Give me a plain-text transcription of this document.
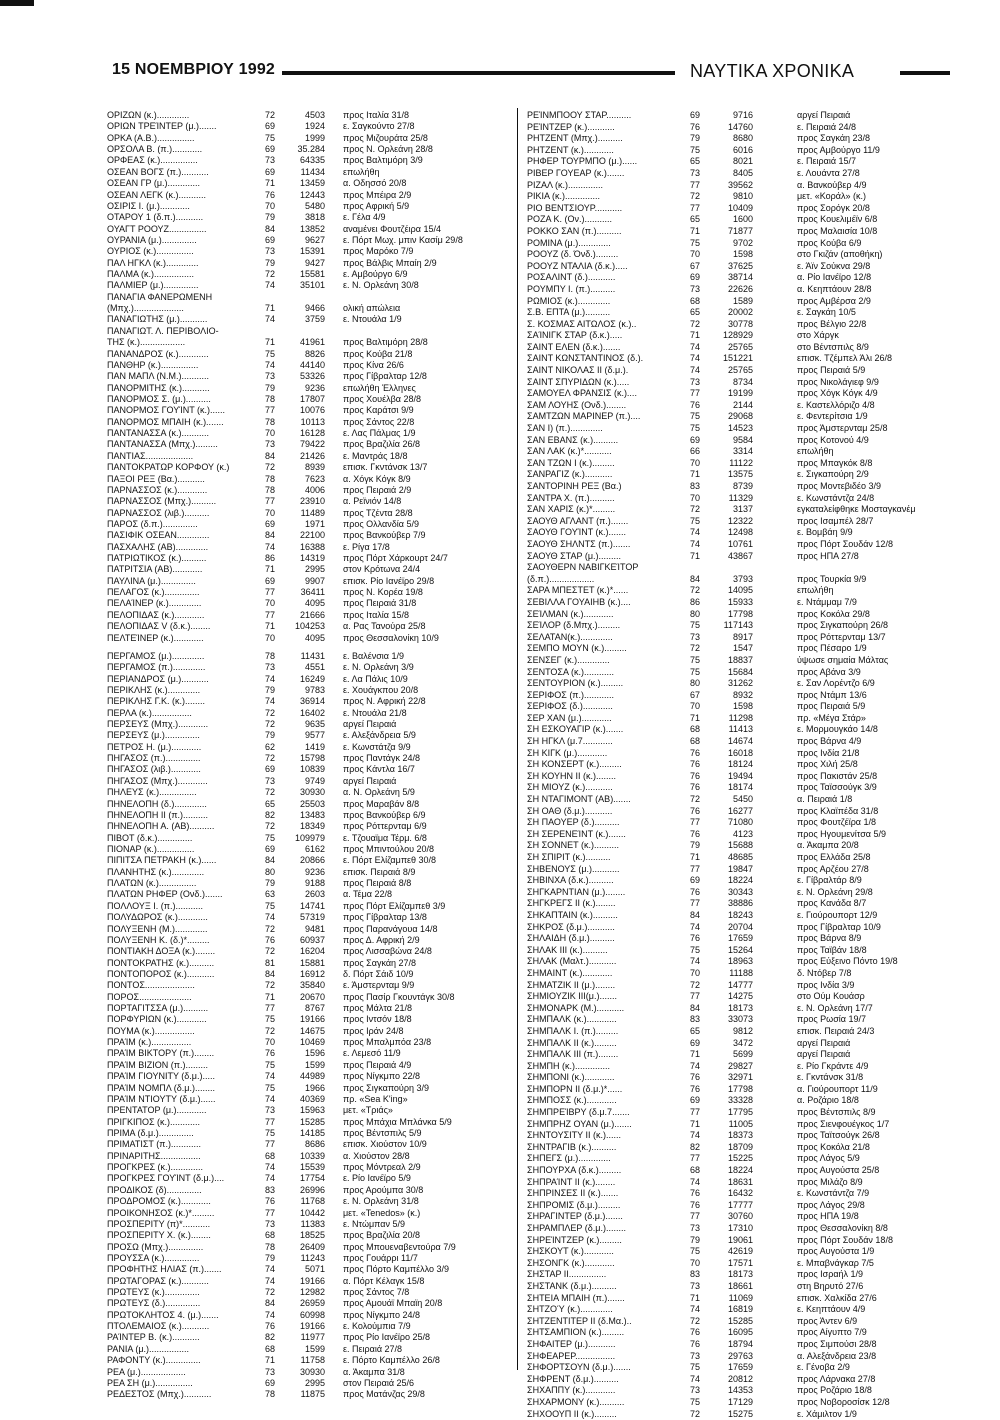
15 ΝΟΕΜΒΡΙΟΥ 1992	ΝΑΥΤΙΚΑ ΧΡΟΝΙΚΑ
ΟΡΙΖΩΝ (κ.).............	72	4503 προς Ιταλία 31/8
ΟΡΙΩΝ ΤΡΕΊΝΤΕΡ (μ.).......	69	1924 ε. Σαγκούντο 27/8
ΟΡΚΑ (Α.Β.)...............	75	1999 προς Μιζουράτα 25/8
ΟΡΣΟΛΑ Β. (π.)............	69	35.284 προς Ν. Ορλεάνη 28/8
ΟΡΦΕΑΣ (κ.)...............	73	64335 προς Βαλτιμόρη 3/9
ΟΣΕΑΝ ΒΟΓΣ (π.)...........	69	11434 επωλήθη
ΟΣΕΑΝ ΓΡ (μ.).............	71	13459 α. Οδησσό 20/8
ΟΣΕΑΝ ΛΕΓΚ (κ.)...........	76	12443 προς Μπέιρα 2/9
ΟΣΙΡΙΣ Ι. (μ.)............	70	5480 προς Αφρική 5/9
ΟΤΑΡΟΥ 1 (δ.π.)...........	79	3818 ε. Γέλα 4/9
ΟΥΑΓΤ ΡΟΟΥΖ...............	84	13852 αναμένει Φουτζέιρα 15/4
ΟΥΡΑΝΙΑ (μ.)..............	69	9627 ε. Πόρτ Μωχ. μπιν Κασίμ 29/8
ΟΥΡΙΟΣ (κ.)...............	73	15391 προς Μαρόκο 7/9
ΠΑΛ ΗΓΚΛ (κ.).............	79	9427 προς Βάλβις Μπαίη 2/9
ΠΑΛΜΑ (κ.)................	72	15581 ε. Αμβούργο 6/9
ΠΑΛΜΙΕΡ (μ.)..............	74	35101 ε. Ν. Ορλεάνη 30/8
ΠΑΝΑΓΙΑ ΦΑΝΕΡΩΜΕΝΗ
(Μπχ.)....................	71	9466 ολική απώλεια
ΠΑΝΑΓΙΩΤΗΣ (μ.)...........	74	3759 ε. Ντουάλα 1/9
ΠΑΝΑΓΙΩΤ. Λ. ΠΕΡΙΒΟΛΙΟ-
ΤΗΣ (κ.)..................	71	41961 προς Βαλτιμόρη 28/8
ΠΑΝΑΝΔΡΟΣ (κ.)............	75	8826 προς Κούβα 21/8
ΠΑΝΘΗΡ (κ.)...............	74	44140 προς Κίνα 26/6
ΠΑΝ ΜΑΠΛ (Ν.Μ.)...........	73	53326 προς Γίβραλταρ 12/8
ΠΑΝΟΡΜΙΤΗΣ (κ.)...........	79	9236 επωλήθη Έλληνες
ΠΑΝΟΡΜΟΣ Σ. (μ.)..........	78	17807 προς Χουέλβα 28/8
ΠΑΝΟΡΜΟΣ ΓΟΥΊΝΤ (κ.)......	77	10076 προς Καράτσι 9/9
ΠΑΝΟΡΜΟΣ ΜΠΑΙΗ (κ.).......	78	10113 προς Σάντος 22/8
ΠΑΝΤΑΝΑΣΣΑ (κ.)...........	70	16128 ε. Λας Πάλμας 1/9
ΠΑΝΤΑΝΑΣΣΑ (Μπχ.).........	73	79422 προς Βραζιλία 26/8
ΠΑΝΤΙΑΣ...................	84	21426 ε. Μαντράς 18/8
ΠΑΝΤΟΚΡΑΤΩΡ ΚΟΡΦΟΥ (κ.)	72	8939 επισκ. Γκντάνσκ 13/7
ΠΑΞΟΙ ΡΕΞ (Βα.)...........	78	7623 α. Χόγκ Κόγκ 8/9
ΠΑΡΝΑΣΣΟΣ (κ.)............	78	4006 προς Πειραιά 2/9
ΠΑΡΝΑΣΣΟΣ (Μπχ.)..........	77	23910 α. Ρεϊνιόν 14/8
ΠΑΡΝΑΣΣΟΣ (λιβ.)..........	70	11489 προς Τζέντα 28/8
ΠΑΡΟΣ (δ.π.)..............	69	1971 προς Ολλανδία 5/9
ΠΑΣΙΦΙΚ ΟΣΕΑΝ.............	84	22100 προς Βανκούβερ 7/9
ΠΑΣΧΑΛΗΣ (ΑΒ).............	74	16388 ε. Ρίγα 17/8
ΠΑΤΡΙΩΤΙΚΟΣ (κ.)..........	86	14319 προς Πόρτ Χάρκουρτ 24/7
ΠΑΤΡΙΤΣΙΑ (ΑΒ)............	71	2995 στον Κρότωνα 24/4
ΠΑΥΛΙΝΑ (μ.)..............	69	9907 επισκ. Ρίο Ιανέϊρο 29/8
ΠΕΛΑΓΟΣ (κ.)..............	77	36411 προς Ν. Κορέα 19/8
ΠΕΛΑΊΝΕΡ (κ.).............	70	4095 προς Πειραιά 31/8
ΠΕΛΟΠΙΔΑΣ (κ.)............	77	21666 προς Ιταλία 15/8
ΠΕΛΟΠΙΔΑΣ V (δ.κ.)........	71	104253 α. Ρας Τανούρα 25/8
ΠΕΛΤΕΊΝΕΡ (κ.)............	70	4095 προς Θεσσαλονίκη 10/9
ΠΕΡΓΑΜΟΣ (μ.).............	78	11431 ε. Βαλένσια 1/9
ΠΕΡΓΑΜΟΣ (π.).............	73	4551 ε. Ν. Ορλεάνη 3/9
ΠΕΡΙΑΝΔΡΟΣ (μ.)...........	74	16249 ε. Λα Πάλις 10/9
ΠΕΡΙΚΛΗΣ (κ.).............	79	9783 ε. Χουάγκπου 20/8
ΠΕΡΙΚΛΗΣ Γ.Κ. (κ.)........	74	36914 προς Ν. Αφρική 22/8
ΠΕΡΛΑ (κ.)................	72	16402 ε. Ντουάλα 21/8
ΠΕΡΣΕΥΣ (Μπχ.)............	72	9635 αργεί Πειραιά
ΠΕΡΣΕΥΣ (μ.)..............	79	9577 ε. Αλεξάνδρεια 5/9
ΠΕΤΡΟΣ Η. (μ.)............	62	1419 ε. Κωνστάτζα 9/9
ΠΗΓΑΣΟΣ (π.)..............	72	15798 προς Παντάγκ 24/8
ΠΗΓΑΣΟΣ (λιβ.)............	69	10839 προς Κάντλα 16/7
ΠΗΓΑΣΟΣ (Μπχ.)............	73	9749 αργεί Πειραιά
ΠΗΛΕΥΣ (κ.)...............	72	30930 α. Ν. Ορλεάνη 5/9
ΠΗΝΕΛΟΠΗ (δ.).............	65	25503 προς Μαραβάν 8/8
ΠΗΝΕΛΟΠΗ ΙΙ (π.)..........	82	13483 προς Βανκούβερ 6/9
ΠΗΝΕΛΟΠΗ Α. (ΑΒ)..........	72	18349 προς Ρόττερνταμ 6/9
ΠΙΒΟΤ (δ.κ.)..............	75	109979 ε. Τζουαϊμα Τέρμ. 6/8
ΠΙΟΝΑΡ (κ.)...............	69	6162 προς Μπιντούλου 20/8
ΠΙΠΙΤΣΑ ΠΕΤΡΑΚΗ (κ.)......	84	20866 ε. Πόρτ Ελίζαμπεθ 30/8
ΠΛΑΝΗΤΗΣ (κ.).............	80	9236 επισκ. Πειραιά 8/9
ΠΛΑΤΩΝ (κ.)...............	79	9188 προς Πειραιά 8/8
ΠΛΑΤΩΝ ΡΗΦΕΡ (Ονδ.).......	63	2603 α. Τέμα 22/8
ΠΟΛΛΟΥΞ Ι. (π.)...........	75	14741 προς Πόρτ Ελίζαμπεθ 3/9
ΠΟΛΥΔΩΡΟΣ (κ.)............	74	57319 προς Γίβραλταρ 13/8
ΠΟΛΥΞΕΝΗ (Μ.).............	72	9481 προς Παρανάγουα 14/8
ΠΟΛΥΞΕΝΗ Κ. (δ.)*.........	76	60937 προς Δ. Αφρική 2/9
ΠΟΝΤΙΑΚΗ ΔΟΞΑ (κ.)........	72	16204 προς Λισσαβώνα 24/8
ΠΟΝΤΟΚΡΑΤΗΣ (κ.)..........	81	15881 προς Σαγκάη 27/8
ΠΟΝΤΟΠΟΡΟΣ (κ.)...........	84	16912 δ. Πόρτ Σάιδ 10/9
ΠΟΝΤΟΣ....................	72	35840 ε. Άμστερνταμ 9/9
ΠΟΡΟΣ.....................	71	20670 προς Πασίρ Γκουντάγκ 30/8
ΠΟΡΤΑΓΙΤΣΣΑ (μ.)..........	77	8767 προς Μάλτα 21/8
ΠΟΡΦΥΡΙΩΝ (κ.)............	75	19166 προς Ιντσόν 18/8
ΠΟΥΜΑ (κ.)................	72	14675 προς Ιράν 24/8
ΠΡΑΊΜ (κ.)................	70	10469 προς Μπαλμπόα 23/8
ΠΡΑΊΜ ΒΙΚΤΟΡΥ (π.)........	76	1596 ε. Λεμεσό 11/9
ΠΡΑΊΜ ΒΙΖΙΟΝ (π.).........	75	1599 προς Πειραιά 4/9
ΠΡΑΊΜ ΓΙΟΥΝΙΤΥ (δ.μ.).....	74	44989 προς Νίγκμπο 22/8
ΠΡΑΊΜ ΝΟΜΠΛ (δ.μ.)........	75	1966 προς Σιγκαπούρη 3/9
ΠΡΑΊΜ ΝΤΙΟΥΤΥ (δ.μ.)......	74	40369 πρ. «Sea K'ing»
ΠΡΕΝΤΑΤΟΡ (μ.)............	73	15963 μετ. «Τριάς»
ΠΡΙΓΚΙΠΟΣ (κ.)............	77	15285 προς Μπάχια Μπλάνκα 5/9
ΠΡΙΜΑ (δ.μ.)..............	75	14185 προς Βέντσπιλς 5/9
ΠΡΙΜΑΤΙΣΤ (π.)............	77	8686 επισκ. Χιούστον 10/9
ΠΡΙΝΑΡΙΤΗΣ................	68	10339 α. Χιούστον 28/8
ΠΡΟΓΚΡΕΣ (κ.).............	74	15539 προς Μόντρεαλ 2/9
ΠΡΟΓΚΡΕΣ ΓΟΥΊΝΤ (δ.μ.)....	74	17754 ε. Ρίο Ιανέϊρο 5/9
ΠΡΟΔΙΚΟΣ (δ)..............	83	26996 προς Αρούμπα 30/8
ΠΡΟΔΡΟΜΟΣ (κ.)............	76	11768 ε. Ν. Ορλεάνη 31/8
ΠΡΟΙΚΟΝΗΣΟΣ (κ.)*.........	77	10442 μετ. «Tenedos» (κ.)
ΠΡΟΣΠΕΡΙΤΥ (π)*...........	73	11383 ε. Ντώμπαν 5/9
ΠΡΟΣΠΕΡΙΤΥ Χ. (κ.)........	68	18525 προς Βραζιλία 20/8
ΠΡΟΣΩ (Μπχ.)..............	78	26409 προς Μπουεναβεντούρα 7/9
ΠΡΟΥΣΣΑ (κ.)..............	79	11243 προς Γουάρρι 11/7
ΠΡΟΦΗΤΗΣ ΗΛΙΑΣ (π.).......	74	5071 προς Πόρτο Καμπέλλο 3/9
ΠΡΩΤΑΓΟΡΑΣ (κ.)...........	74	19166 α. Πόρτ Κέλαγκ 15/8
ΠΡΩΤΕΥΣ (κ.)..............	72	12982 προς Σάντος 7/8
ΠΡΩΤΕΥΣ (δ.)..............	84	26959 προς Αμουάϊ Μπαϊη 20/8
ΠΡΩΤΟΚΛΗΤΟΣ 4. (μ.).......	74	60998 προς Νίγκμπο 24/8
ΠΤΟΛΕΜΑΙΟΣ (κ.)...........	76	19166 ε. Κολούμπια 7/9
ΡΑΊΝΤΕΡ Β. (κ.)...........	82	11977 προς Ρίο Ιανέϊρο 25/8
ΡΑΝΙΑ (μ.)................	68	1599 ε. Πειραιά 27/8
ΡΑΦΟΝΤΥ (κ.)..............	71	11758 ε. Πόρτο Καμπέλλο 26/8
ΡΕΑ (μ.)..................	73	30930 α. Άκαμπα 31/8
ΡΕΑ ΣΗ (μ.)...............	69	2995 στον Πειραιά 25/6
ΡΕΔΕΣΤΟΣ (Μπχ.)...........	78	11875 προς Ματάνζας 29/8
ΡΕΊΝΜΠΟΟΥ ΣΤΑΡ..........	69	9716	αργεί Πειραιά
ΡΕΊΝΤΖΕΡ (κ.)...........	76	14760	ε. Πειραιά 24/8
ΡΗΤΖΕΝΤ (Μπχ.)..........	79	8680	προς Σαγκάη 23/8
ΡΗΤΖΕΝΤ (κ.)............	75	6016	προς Αμβούργο 11/9
ΡΗΦΕΡ ΤΟΥΡΜΠΟ (μ.)......	65	8021	ε. Πειραιά 15/7
ΡΙΒΕΡ ΓΟΥΕΑΡ (κ.).......	73	8405	ε. Λουάντα 27/8
ΡΙΖΑΛ (κ.)..............	77	39562	α. Βανκούβερ 4/9
ΡΙΚΙΑ (κ.)..............	72	9810	μετ. «Κοράλ» (κ.)
ΡΙΟ ΒΕΝΤΣΙΟΥΡ...........	77	10409	προς Σορόγκ 20/8
ΡΟΖΑ Κ. (Ον.)...........	65	1600	προς Κουελιμέϊν 6/8
ΡΟΚΚΟ ΣΑΝ (π.)..........	71	71877	προς Μαλαισία 10/8
ΡΟΜΙΝΑ (μ.).............	75	9702	προς Κούβα 6/9
ΡΟΟΥΖ (δ. Όνδ.).........	70	1598	στο Γκιζάν (αποθήκη)
ΡΟΟΥΖ ΝΤΑΛΙΑ (δ.κ.).....	67	37625	ε. Άϊν Σούκνα 29/8
ΡΟΣΑΛΙΝΤ (δ.)...........	69	38714	α. Ρίο Ιανέϊρο 12/8
ΡΟΥΜΠΥ Ι. (π.)..........	73	22626	α. Κεηπτάουν 28/8
ΡΩΜΙΟΣ (κ.).............	68	1589	προς Αμβέρσα 2/9
Σ.Β. ΕΠΤΑ (μ.)..........	65	20002	ε. Σαγκάη 10/5
Σ. ΚΟΣΜΑΣ ΑΙΤΩΛΟΣ (κ.)..	72	30778	προς Βέλγιο 22/8
ΣΑΊΝΙΓΚ ΣΤΑΡ (δ.κ.).....	71	128929	στο Χάργκ
ΣΑΙΝΤ ΕΛΕΝ (δ.κ.).......	74	25765	στο Βέντσπιλς 8/9
ΣΑΙΝΤ ΚΩΝΣΤΑΝΤΙΝΟΣ (δ.).	74	151221	επισκ. Τζέμπελ Άλι 26/8
ΣΑΙΝΤ ΝΙΚΟΛΑΣ ΙΙ (δ.μ.).	74	25765	προς Πειραιά 5/9
ΣΑΙΝΤ ΣΠΥΡΙΔΩΝ (κ.).....	73	8734	προς Νικολάγιεφ 9/9
ΣΑΜΟΥΕΛ ΦΡΑΝΣΙΣ (κ.)....	77	19199	προς Χόγκ Κόγκ 4/9
ΣΑΜ ΛΟΥΗΣ (Ονδ.)........	76	2144	ε. Καστελλόριζο 4/8
ΣΑΜΤΖΩΝ ΜΑΡΙΝΕΡ (π.)....	75	29068	ε. Φεντερίτσια 1/9
ΣΑΝ Ι) (π.).............	75	14523	προς Άμστερνταμ 25/8
ΣΑΝ ΕΒΑΝΣ (κ.)..........	69	9584	προς Κοτονού 4/9
ΣΑΝ ΛΑΚ (κ.)*...........	66	3314	επωλήθη
ΣΑΝ ΤΖΩΝ Ι (κ.).........	70	11122	προς Μπαγκόκ 8/8
ΣΑΝΡΑΓΙΖ (κ.)...........	71	13575	ε. Σιγκαπούρη 2/9
ΣΑΝΤΟΡΙΝΗ ΡΕΞ (Βα.)	83	8739	προς Μοντεβιδέο 3/9
ΣΑΝΤΡΑ Χ. (π.)..........	70	11329	ε. Κωνστάντζα 24/8
ΣΑΝ ΧΑΡΙΣ (κ.)*.........	72	3137	εγκαταλείφθηκε Μοσταγκανέμ
ΣΑΟΥΘ ΑΓΛΑΝΤ (π.).......	75	12322	προς Ισαμπέλ 28/7
ΣΑΟΥΘ ΓΟΥΊΝΤ (κ.).......	74	12498	ε. Βομβάη 9/9
ΣΑΟΥΘ ΣΗΛΝΤΣ (π.).......	74	10761	προς Πόρτ Σουδάν 12/8
ΣΑΟΥΘ ΣΤΑΡ (μ.).........	71	43867	προς ΗΠΑ 27/8
ΣΑΟΥΘΕΡΝ ΝΑΒΙΓΚΕΊΤΟΡ
(δ.π.)..................	84	3793	προς Τουρκία 9/9
ΣΑΡΑ ΜΠΕΣΤΕΤ (κ.)*......	72	14095	επωλήθη
ΣΕΒΙΛΛΑ ΓΟΥΑΙΗΒ (κ.)....	86	15933	ε. Ντάμμαμ 7/9
ΣΕΊΛΜΑΝ (κ.)............	80	17798	προς Κοκόλα 29/8
ΣΕΊΛΟΡ (δ.Μπχ.).........	75	117143	προς Σιγκαπούρη 26/8
ΣΕΛΑΤΑΝ(κ.).............	73	8917	προς Ρόττερνταμ 13/7
ΣΕΜΠΟ ΜΟΥΝ (κ.).........	72	1547	προς Πέσαρο 1/9
ΣΕΝΣΕΓ (κ.).............	75	18837	ύψωσε σημαία Μάλτας
ΣΕΝΤΟΣΑ (κ.)............	75	15684	προς Αβάνα 3/9
ΣΕΝΤΟΥΡΙΟΝ (κ.).........	80	31262	ε. Σαν Λορέντζο 6/9
ΣΕΡΙΦΟΣ (π.)............	67	8932	προς Ντάμπ 13/6
ΣΕΡΙΦΟΣ (δ.)............	70	1598	προς Πειραιά 5/9
ΣΕΡ ΧΑΝ (μ.)............	71	11298	πρ. «Μέγα Στάρ»
ΣΗ ΕΣΚΟΥΑΓΙΡ (κ.).......	68	11413	ε. Μορμουγκάο 14/8
ΣΗ ΗΓΚΛ (μ.7............	68	14674	προς Βάρνα 4/9
ΣΗ ΚΙΓΚ (μ.)............	76	16018	προς Ινδία 21/8
ΣΗ ΚΟΝΣΕΡΤ (κ.).........	76	18124	προς Χιλή 25/8
ΣΗ ΚΟΥΗΝ ΙΙ (κ.)........	76	19494	προς Πακιστάν 25/8
ΣΗ ΜΙΟΥΖ (κ.)...........	76	18174	προς Ταϊσσούγκ 3/9
ΣΗ ΝΤΑΓΙΜΟΝΤ (ΑΒ).......	72	5450	α. Πειραιά 1/8
ΣΗ ΟΑΘ (δ.μ.)...........	76	16277	προς Κλαϊπέδα 31/8
ΣΗ ΠΑΟΥΕΡ (δ.)..........	77	71080	προς Φουτζέϊρα 1/8
ΣΗ ΣΕΡΕΝΕΊΝΤ (κ.).......	76	4123	προς Ηγουμενίτσα 5/9
ΣΗ ΣΟΝΝΕΤ (κ.)..........	79	15688	α. Άκαμπα 20/8
ΣΗ ΣΠΙΡΙΤ (κ.)..........	71	48685	προς Ελλάδα 25/8
ΣΗΒΕΝΟΥΣ (μ.)...........	77	19847	προς Αρζέου 27/8
ΣΗΒΙΝΧΑ (δ.κ.)..........	69	18224	ε. Γίβραλτάρ 8/9
ΣΗΓΚΑΡΝΤΙΑΝ (μ.)........	76	30343	ε. Ν. Ορλεάνη 29/8
ΣΗΓΚΡΕΓΣ ΙΙ (κ.)........	77	38886	προς Κανάδα 8/7
ΣΗΚΑΠΤΑΙΝ (κ.)..........	84	18243	ε. Γιούρουπορτ 12/9
ΣΗΚΡΟΣ (δ.μ.)...........	74	20704	προς Γίβραλταρ 10/9
ΣΗΛΑΙΔΗ (δ.μ.)..........	76	17659	προς Βάρνα 8/9
ΣΗΛΑΚ ΙΙΙ (κ.)..........	75	15264	προς Ταϊβάν 18/8
ΣΗΛΑΚ (Μαλτ.)...........	74	18963	προς Εύξεινο Πόντο 19/8
ΣΗΜΑΙΝΤ (κ.)............	70	11188	δ. Ντόβερ 7/8
ΣΗΜΑΤΖΙΚ ΙΙ (μ.)........	72	14777	προς Ινδία 3/9
ΣΗΜΙΟΥΖΙΚ ΙΙΙ(μ.).......	77	14275	στο Ούμ Κουάσρ
ΣΗΜΟΝΑΡΚ (Μ.)...........	84	18173	ε. Ν. Ορλεάνη 17/7
ΣΗΜΠΑΛΚ (κ.)............	83	33073	προς Ρωσία 19/7
ΣΗΜΠΑΛΚ Ι. (π.).........	65	9812	επισκ. Πειραιά 24/3
ΣΗΜΠΑΛΚ ΙΙ (κ.).........	69	3472	αργεί Πειραιά
ΣΗΜΠΑΛΚ ΙΙΙ (π.)........	71	5699	αργεί Πειραιά
ΣΗΜΠΗ (κ.)..............	74	29827	ε. Ρίο Γκράντε 4/9
ΣΗΜΠΟΝΙ (κ.)............	76	32971	ε. Γκντάνσκ 31/8
ΣΗΜΠΟΡΝ ΙΙ (δ.μ.)*......	76	17798	α. Γιούρουπορτ 11/9
ΣΗΜΠΟΣΣ (κ.)............	69	33328	α. Ροζάριο 18/8
ΣΗΜΠΡΕΊΒΡΥ (δ.μ.7.......	77	17795	προς Βέντσπιλς 8/9
ΣΗΜΠΡΗΖ ΟΥΑΝ (μ.).......	71	11005	προς Σιενφουέγκος 1/7
ΣΗΝΤΟΥΣΙΤΥ ΙΙ (κ.)......	74	18373	προς Ταϊτσούγκ 26/8
ΣΗΝΤΡΑΓΙΒ (κ.)..........	82	18709	προς Κοκόλα 21/8
ΣΗΠΕΓΣ (μ.).............	77	15225	προς Λάγος 5/9
ΣΗΠΟΥΡΧΑ (δ.κ.).........	68	18224	προς Αυγούστα 25/8
ΣΗΠΡΑΊΝΤ ΙΙ (κ.)........	74	18631	προς Μιλάζο 8/9
ΣΗΠΡΙΝΣΕΣ ΙΙ (κ.).......	76	16432	ε. Κωνστάντζα 7/9
ΣΗΠΡΟΜΙΣ (δ.μ.).........	76	17777	προς Λάγος 29/8
ΣΗΡΑΓΙΝΤΕΡ (δ.μ.).......	77	30760	προς ΗΠΑ 19/8
ΣΗΡΑΜΠΛΕΡ (δ.μ.)........	73	17310	προς Θεσσαλονίκη 8/8
ΣΗΡΕΊΝΤΖΕΡ (κ.).........	79	19061	προς Πόρτ Σουδάν 18/8
ΣΗΣΚΟΥΤ (κ.)............	75	42619	προς Αυγούστα 1/9
ΣΗΣΟΝΓΚ (κ.)............	70	17571	ε. Μπαβνάγκαρ 7/5
ΣΗΣΤΑΡ ΙΙ...............	83	18173	προς Ισραήλ 1/9
ΣΗΣΤΑΝΚ (δ.μ.)..........	73	18661	στη Βηρυτό 27/6
ΣΗΤΕΙΑ ΜΠΑΙΗ (π.).......	71	11069	επισκ. Χαλκίδα 27/6
ΣΗΤΖΟΎ (κ.).............	74	16819	ε. Κεηπτάουν 4/9
ΣΗΤΖΕΝΤΙΤΕΡ ΙΙ (δ.Μα.)..	72	15285	προς Άντεν 6/9
ΣΗΤΣΑΜΠΙΟΝ (κ.).........	76	16095	προς Αίγυπτο 7/9
ΣΗΦΑΙΤΕΡ (μ.)...........	76	18794	προς Σιμπούσι 28/8
ΣΗΦΕΑΡΕΡ................	73	29763	α. Αλεξάνδρεια 23/8
ΣΗΦΟΡΤΣΟΥΝ (δ.μ.).......	75	17659	ε. Γένοβα 2/9
ΣΗΦΡΕΝΤ (δ.μ.)..........	74	20812	προς Λάρνακα 27/8
ΣΗΧΑΠΠΥ (κ.)............	73	14353	προς Ροζάριο 18/8
ΣΗΧΑΡΜΟΝΥ (κ.)..........	75	17129	προς Νοβοροσίσκ 12/8
ΣΗΧΟΟΥΠ ΙΙ (κ.).........	72	15275	ε. Χάμιλτον 1/9
